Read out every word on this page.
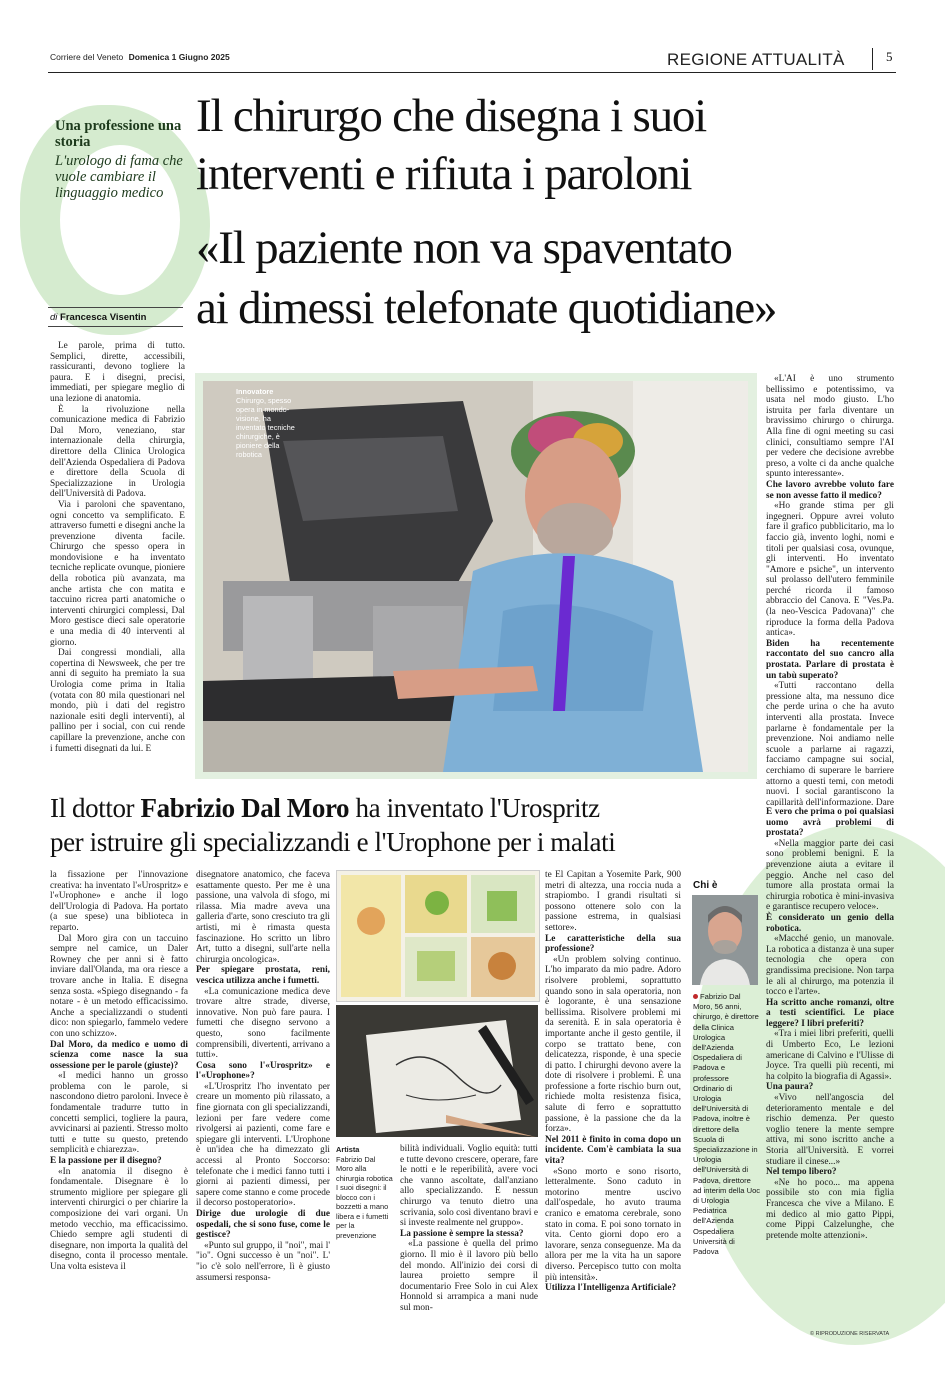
Corriere del Veneto Domenica 1 Giugno 2025	REGIONE ATTUALITÀ	5
Una professione una storia
L'urologo di fama che vuole cambiare il linguaggio medico
Il chirurgo che disegna i suoi
interventi e rifiuta i paroloni
«Il paziente non va spaventato
ai dimessi telefonate quotidiane»
di Francesca Visentin

Le parole, prima di tutto. Semplici, dirette, accessibili, rassicuranti, devono togliere la paura. E i disegni, precisi, immediati, per spiegare meglio di una lezione di anatomia.

È la rivoluzione nella comunicazione medica di Fabrizio Dal Moro, veneziano, star internazionale della chirurgia, direttore della Clinica Urologica dell'Azienda Ospedaliera di Padova e direttore della Scuola di Specializzazione in Urologia dell'Università di Padova.

Via i paroloni che spaventano, ogni concetto va semplificato. E attraverso fumetti e disegni anche la prevenzione diventa facile. Chirurgo che spesso opera in mondovisione e ha inventato tecniche replicate ovunque, pioniere della robotica più avanzata, ma anche artista che con matita e taccuino ricrea parti anatomiche o interventi chirurgici complessi, Dal Moro gestisce dieci sale operatorie e una media di 40 interventi al giorno.

Dai congressi mondiali, alla copertina di Newsweek, che per tre anni di seguito ha premiato la sua Urologia come prima in Italia (votata con 80 mila questionari nel mondo, più i dati del registro nazionale esiti degli interventi), al pallino per i social, con cui rende capillare la prevenzione, anche con i fumetti disegnati da lui. E

Innovatore
Chirurgo, spesso opera in mondo-visione, ha inventato tecniche chirurgiche, è pioniere della robotica

«L'AI è uno strumento bellissimo e potentissimo, va usata nel modo giusto. L'ho istruita per farla diventare un bravissimo chirurgo o chirurga. Alla fine di ogni meeting su casi clinici, consultiamo sempre l'AI per vedere che decisione avrebbe preso, a volte ci da anche qualche spunto interessante».

Che lavoro avrebbe voluto fare se non avesse fatto il medico?

«Ho grande stima per gli ingegneri. Oppure avrei voluto fare il grafico pubblicitario, ma lo faccio già, invento loghi, nomi e titoli per qualsiasi cosa, ovunque, gli interventi. Ho inventato "Amore e psiche", un intervento sul prolasso dell'utero femminile perché ricorda il famoso abbraccio del Canova. E "Ves.Pa. (la neo-Vescica Padovana)" che riproduce la forma della Padova antica».

Biden ha recentemente raccontato del suo cancro alla prostata. Parlare di prostata è un tabù superato?

«Tutti raccontano della pressione alta, ma nessuno dice che perde urina o che ha avuto interventi alla prostata. Invece parlarne è fondamentale per la prevenzione. Noi andiamo nelle scuole a parlarne ai ragazzi, facciamo campagne sui social, cerchiamo di superare le barriere attorno a questi temi, con metodi nuovi. I social garantiscono la capillarità dell'informazione. Dare

Il dottor Fabrizio Dal Moro ha inventato l'Urospritz
per istruire gli specializzandi e l'Urophone per i malati

la fissazione per l'innovazione creativa: ha inventato l'«Urospritz» e l'«Urophone» e anche il logo dell'Urologia di Padova. Ha portato (a sue spese) una biblioteca in reparto.

Dal Moro gira con un taccuino sempre nel camice, un Daler Rowney che per anni si è fatto inviare dall'Olanda, ma ora riesce a trovare anche in Italia. E disegna senza sosta. «Spiego disegnando - fa notare - è un metodo efficacissimo. Anche a specializzandi o studenti dico: non spiegarlo, fammelo vedere con uno schizzo».

Dal Moro, da medico e uomo di scienza come nasce la sua ossessione per le parole (giuste)?

«I medici hanno un grosso problema con le parole, si nascondono dietro paroloni. Invece è fondamentale tradurre tutto in concetti semplici, togliere la paura, avvicinarsi ai pazienti. Stresso molto tutti e tutte su questo, pretendo semplicità e chiarezza».

E la passione per il disegno?

«In anatomia il disegno è fondamentale. Disegnare è lo strumento migliore per spiegare gli interventi chirurgici o per chiarire la composizione dei vari organi. Un metodo vecchio, ma efficacissimo. Chiedo sempre agli studenti di disegnare, non importa la qualità del disegno, conta il processo mentale. Una volta esisteva il

disegnatore anatomico, che faceva esattamente questo. Per me è una passione, una valvola di sfogo, mi rilassa. Mia madre aveva una galleria d'arte, sono cresciuto tra gli artisti, mi è rimasta questa fascinazione. Ho scritto un libro Art, tutto a disegni, sull'arte nella chirurgia oncologica».

Per spiegare prostata, reni, vescica utilizza anche i fumetti.

«La comunicazione medica deve trovare altre strade, diverse, innovative. Non può fare paura. I fumetti che disegno servono a questo, sono facilmente comprensibili, divertenti, arrivano a tutti».

Cosa sono l'«Urospritz» e l'«Urophone»?

«L'Urospritz l'ho inventato per creare un momento più rilassato, a fine giornata con gli specializzandi, lezioni per fare vedere come rivolgersi ai pazienti, come fare e spiegare gli interventi. L'Urophone è un'idea che ha dimezzato gli accessi al Pronto Soccorso: telefonate che i medici fanno tutti i giorni ai pazienti dimessi, per sapere come stanno e come procede il decorso postoperatorio».

Dirige due urologie di due ospedali, che si sono fuse, come le gestisce?

«Punto sul gruppo, il "noi", mai l' "io". Ogni successo è un "noi". L' "io c'è solo nell'errore, lì è giusto assumersi responsa-

Artista
Fabrizio Dal Moro alla chirurgia robotica I suoi disegni: il blocco con i bozzetti a mano libera e i fumetti per la prevenzione

bilità individuali. Voglio equità: tutti e tutte devono crescere, operare, fare le notti e le reperibilità, avere voci che vanno ascoltate, dall'anziano allo specializzando. E nessun chirurgo va tenuto dietro una scrivania, solo così diventano bravi e si investe realmente nel gruppo».

La passione è sempre la stessa?

«La passione è quella del primo giorno. Il mio è il lavoro più bello del mondo. All'inizio dei corsi di laurea proietto sempre il documentario Free Solo in cui Alex Honnold si arrampica a mani nude sul mon-

te El Capitan a Yosemite Park, 900 metri di altezza, una roccia nuda a strapiombo. I grandi risultati si possono ottenere solo con la passione estrema, in qualsiasi settore».

Le caratteristiche della sua professione?

«Un problem solving continuo. L'ho imparato da mio padre. Adoro risolvere problemi, soprattutto quando sono in sala operatoria, non è logorante, è una sensazione bellissima. Risolvere problemi mi da serenità. E in sala operatoria è importante anche il gesto gentile, il corpo se trattato bene, con delicatezza, risponde, è una specie di patto. I chirurghi devono avere la dote di risolvere i problemi. È una professione a forte rischio burn out, richiede molta resistenza fisica, salute di ferro e soprattutto passione, è la passione che da la forza».

Nel 2011 è finito in coma dopo un incidente. Com'è cambiata la sua vita?

«Sono morto e sono risorto, letteralmente. Sono caduto in motorino mentre uscivo dall'ospedale, ho avuto trauma cranico e ematoma cerebrale, sono stato in coma. E poi sono tornato in vita. Cento giorni dopo ero a lavorare, senza conseguenze. Ma da allora per me la vita ha un sapore diverso. Percepisco tutto con molta più intensità».

Utilizza l'Intelligenza Artificiale?

Chi è
Fabrizio Dal Moro, 56 anni, chirurgo, è direttore della Clinica Urologica dell'Azienda Ospedaliera di Padova e professore Ordinario di Urologia dell'Università di Padova, inoltre è direttore della Scuola di Specializzazione in Urologia dell'Università di Padova, direttore ad interim della Uoc di Urologia Pediatrica dell'Azienda Ospedaliera Università di Padova

È vero che prima o poi qualsiasi uomo avrà problemi di prostata?

«Nella maggior parte dei casi sono problemi benigni. E la prevenzione aiuta a evitare il peggio. Anche nel caso del tumore alla prostata ormai la chirurgia robotica è mini-invasiva e garantisce recupero veloce».

È considerato un genio della robotica.

«Macché genio, un manovale. La robotica a distanza è una super tecnologia che opera con grandissima precisione. Non tarpa le ali al chirurgo, ma potenzia il tocco e l'arte».

Ha scritto anche romanzi, oltre a testi scientifici. Le piace leggere? I libri preferiti?

«Tra i miei libri preferiti, quelli di Umberto Eco, Le lezioni americane di Calvino e l'Ulisse di Joyce. Tra quelli più recenti, mi ha colpito la biografia di Agassi».

Una paura?

«Vivo nell'angoscia del deterioramento mentale e del rischio demenza. Per questo voglio tenere la mente sempre attiva, mi sono iscritto anche a Storia all'Università. E vorrei studiare il cinese...»

Nel tempo libero?

«Ne ho poco... ma appena possibile sto con mia figlia Francesca che vive a Milano. E mi dedico al mio gatto Pippi, come Pippi Calzelunghe, che pretende molte attenzioni».

© RIPRODUZIONE RISERVATA
